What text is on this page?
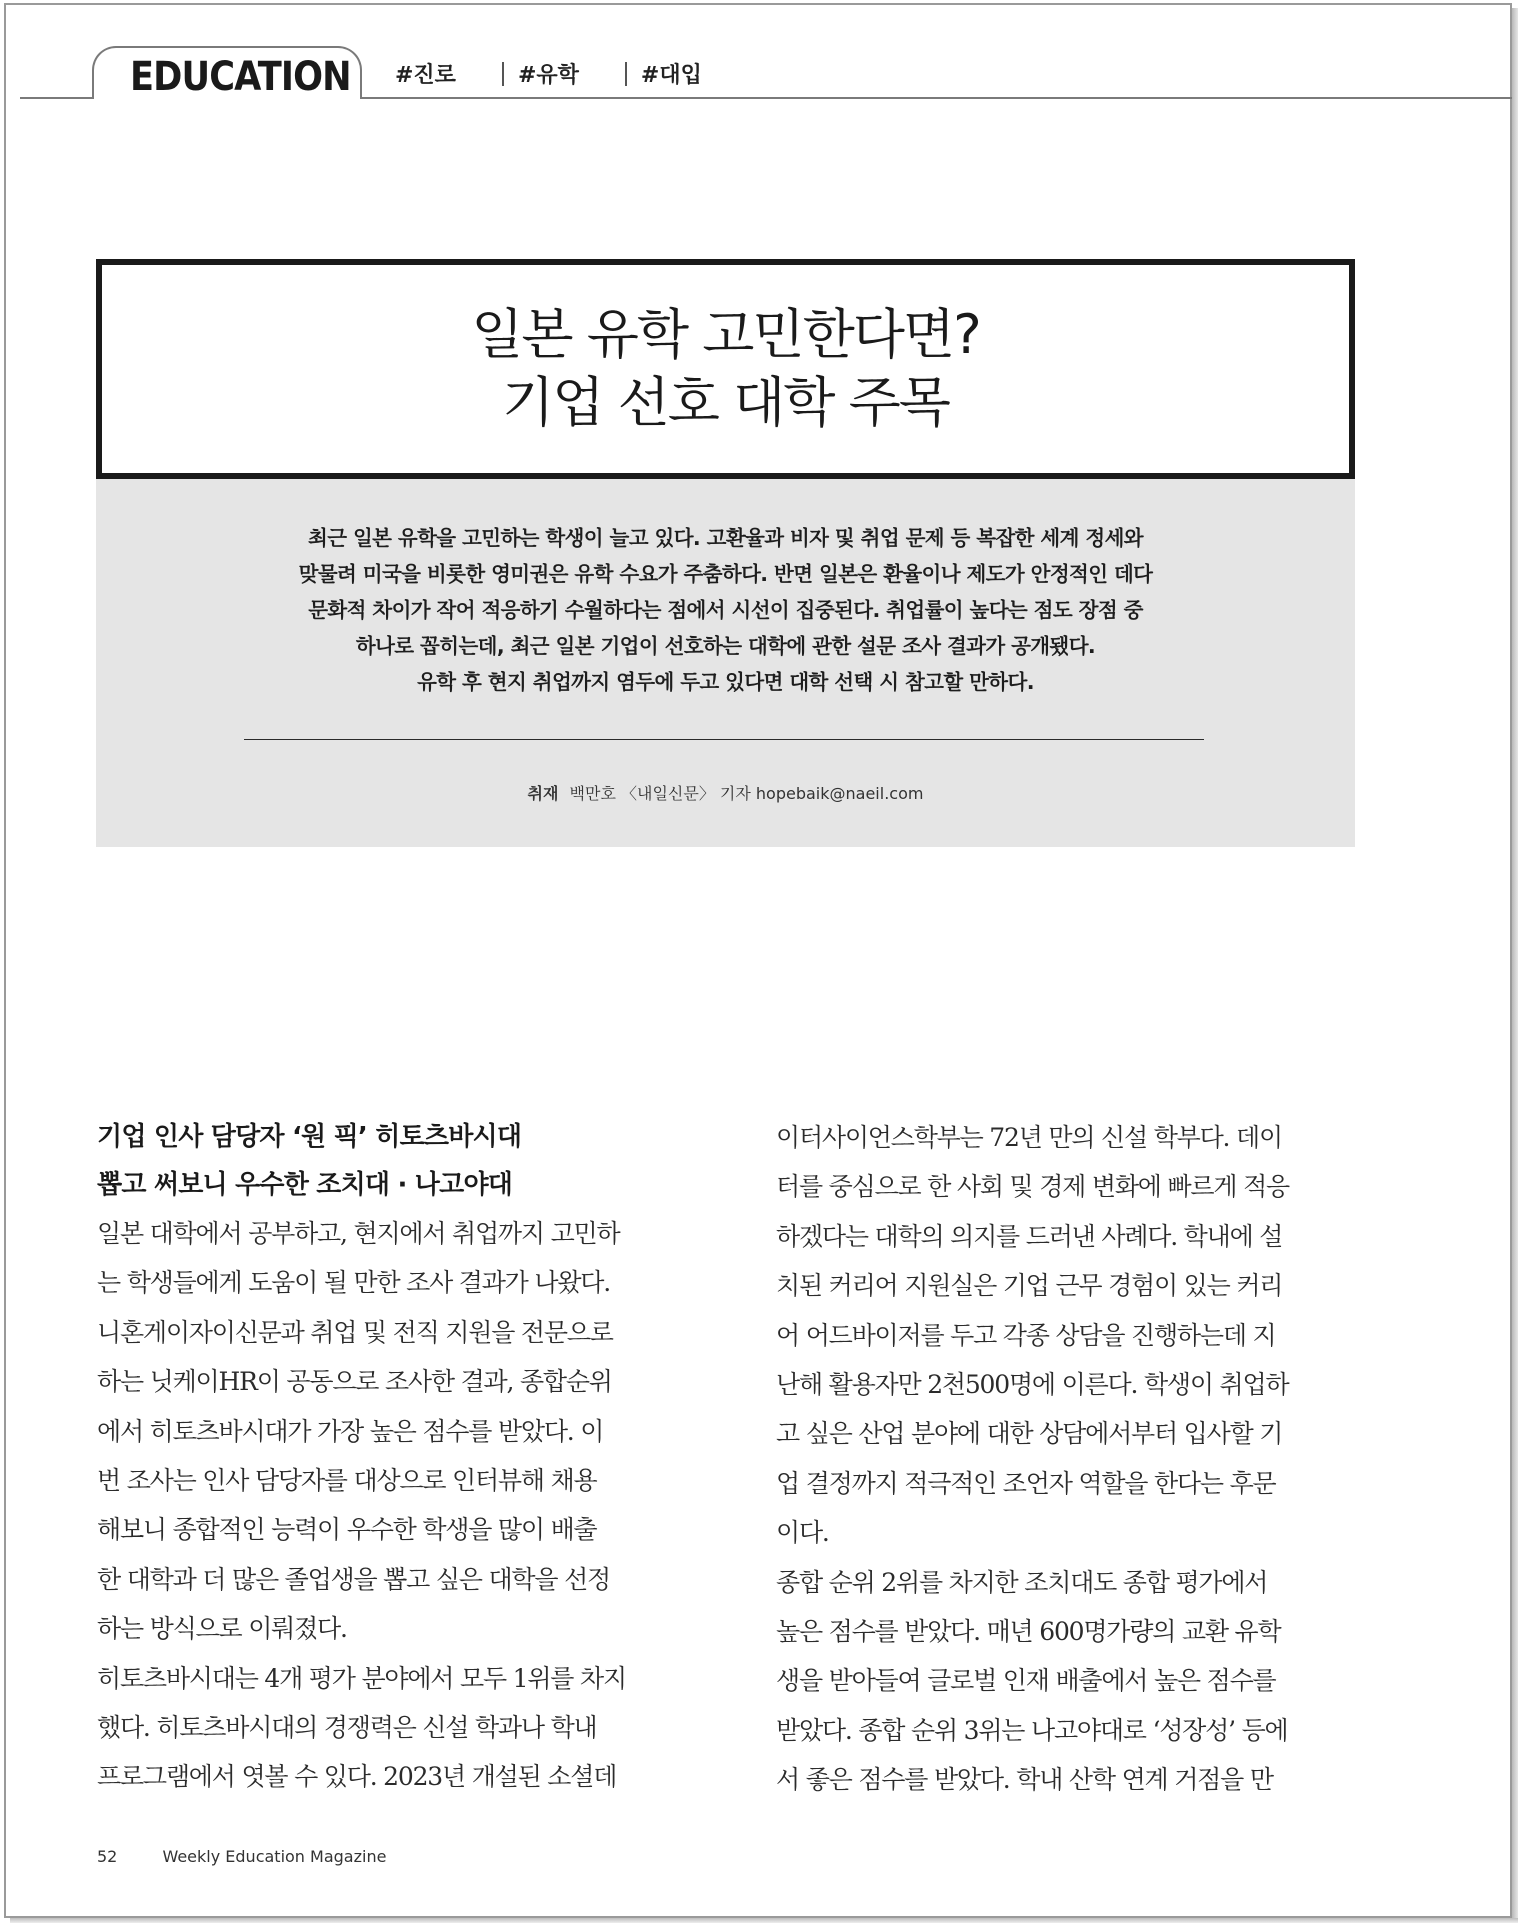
EDUCATION #진로	#유학	#대입
일본 유학 고민한다면?
기업 선호 대학 주목
최근 일본 유학을 고민하는 학생이 늘고 있다. 고환율과 비자 및 취업 문제 등 복잡한 세계 정세와
맞물려 미국을 비롯한 영미권은 유학 수요가 주춤하다. 반면 일본은 환율이나 제도가 안정적인 데다
문화적 차이가 작어 적응하기 수월하다는 점에서 시선이 집중된다. 취업률이 높다는 점도 장점 중
하나로 꼽히는데, 최근 일본 기업이 선호하는 대학에 관한 설문 조사 결과가 공개됐다.
유학 후 현지 취업까지 염두에 두고 있다면 대학 선택 시 참고할 만하다.
취재 백만호 〈내일신문〉 기자 hopebaik@naeil.com
기업 인사 담당자 ‘원 픽’ 히토츠바시대
뽑고 써보니 우수한 조치대 · 나고야대
일본 대학에서 공부하고, 현지에서 취업까지 고민하
는 학생들에게 도움이 될 만한 조사 결과가 나왔다.
니혼게이자이신문과 취업 및 전직 지원을 전문으로
하는 닛케이HR이 공동으로 조사한 결과, 종합순위
에서 히토츠바시대가 가장 높은 점수를 받았다. 이
번 조사는 인사 담당자를 대상으로 인터뷰해 채용
해보니 종합적인 능력이 우수한 학생을 많이 배출
한 대학과 더 많은 졸업생을 뽑고 싶은 대학을 선정
하는 방식으로 이뤄졌다.
히토츠바시대는 4개 평가 분야에서 모두 1위를 차지
했다. 히토츠바시대의 경쟁력은 신설 학과나 학내
프로그램에서 엿볼 수 있다. 2023년 개설된 소셜데
이터사이언스학부는 72년 만의 신설 학부다. 데이
터를 중심으로 한 사회 및 경제 변화에 빠르게 적응
하겠다는 대학의 의지를 드러낸 사례다. 학내에 설
치된 커리어 지원실은 기업 근무 경험이 있는 커리
어 어드바이저를 두고 각종 상담을 진행하는데 지
난해 활용자만 2천500명에 이른다. 학생이 취업하
고 싶은 산업 분야에 대한 상담에서부터 입사할 기
업 결정까지 적극적인 조언자 역할을 한다는 후문
이다.
종합 순위 2위를 차지한 조치대도 종합 평가에서
높은 점수를 받았다. 매년 600명가량의 교환 유학
생을 받아들여 글로벌 인재 배출에서 높은 점수를
받았다. 종합 순위 3위는 나고야대로 ‘성장성’ 등에
서 좋은 점수를 받았다. 학내 산학 연계 거점을 만
52	Weekly Education Magazine
